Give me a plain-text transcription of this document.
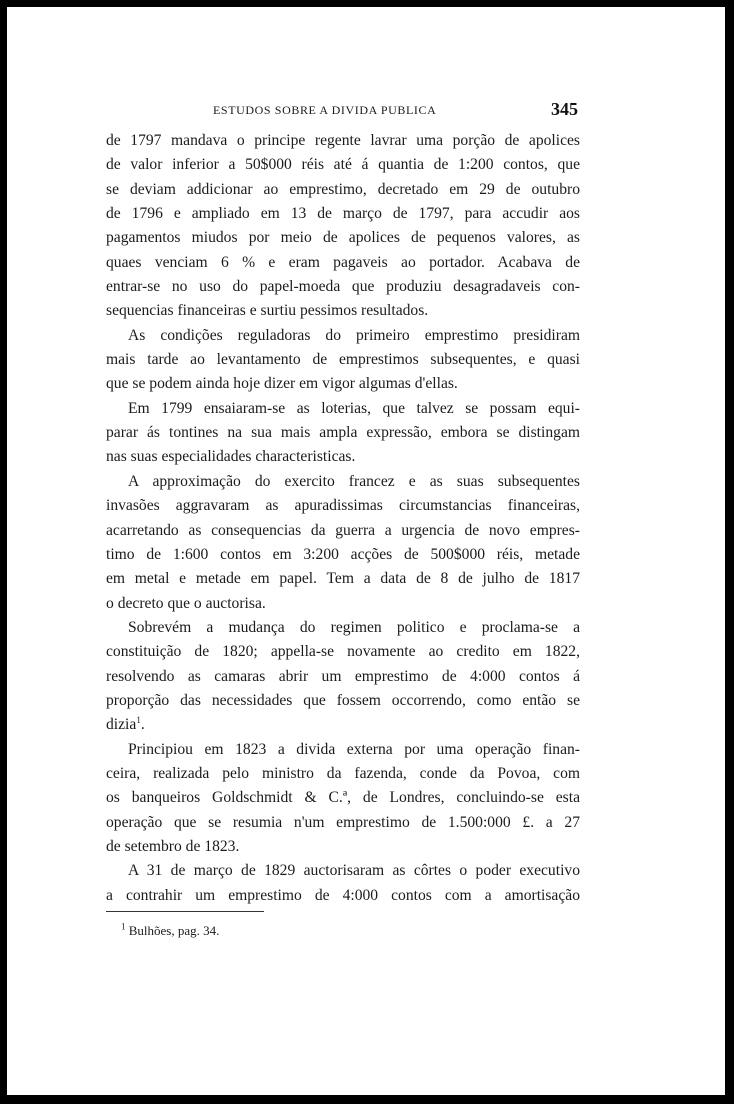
ESTUDOS SOBRE A DIVIDA PUBLICA	345
de 1797 mandava o principe regente lavrar uma porção de apolices
de valor inferior a 50$000 réis até á quantia de 1:200 contos, que
se deviam addicionar ao emprestimo, decretado em 29 de outubro
de 1796 e ampliado em 13 de março de 1797, para accudir aos
pagamentos miudos por meio de apolices de pequenos valores, as
quaes venciam 6 % e eram pagaveis ao portador. Acabava de
entrar-se no uso do papel-moeda que produziu desagradaveis con-
sequencias financeiras e surtiu pessimos resultados.
As condições reguladoras do primeiro emprestimo presidiram
mais tarde ao levantamento de emprestimos subsequentes, e quasi
que se podem ainda hoje dizer em vigor algumas d'ellas.
Em 1799 ensaiaram-se as loterias, que talvez se possam equi-
parar ás tontines na sua mais ampla expressão, embora se distingam
nas suas especialidades characteristicas.
A approximação do exercito francez e as suas subsequentes
invasões aggravaram as apuradissimas circumstancias financeiras,
acarretando as consequencias da guerra a urgencia de novo empres-
timo de 1:600 contos em 3:200 acções de 500$000 réis, metade
em metal e metade em papel. Tem a data de 8 de julho de 1817
o decreto que o auctorisa.
Sobrevém a mudança do regimen politico e proclama-se a
constituição de 1820; appella-se novamente ao credito em 1822,
resolvendo as camaras abrir um emprestimo de 4:000 contos á
proporção das necessidades que fossem occorrendo, como então se
dizia$^1$.
Principiou em 1823 a divida externa por uma operação finan-
ceira, realizada pelo ministro da fazenda, conde da Povoa, com
os banqueiros Goldschmidt & C.ª, de Londres, concluindo-se esta
operação que se resumia n'um emprestimo de 1.500:000 £. a 27
de setembro de 1823.
A 31 de março de 1829 auctorisaram as côrtes o poder executivo
a contrahir um emprestimo de 4:000 contos com a amortisação
$^1$ Bulhões, pag. 34.
